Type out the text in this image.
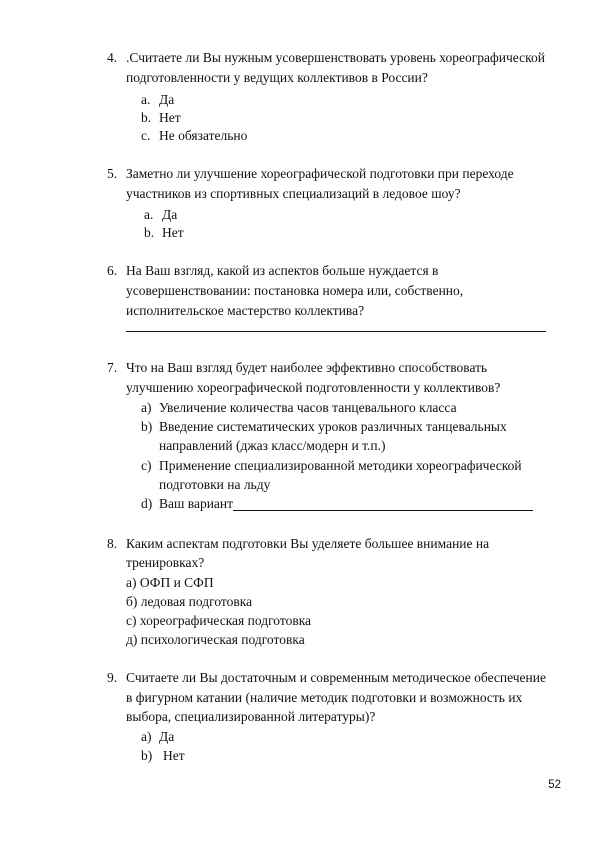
4. .Считаете ли Вы нужным усовершенствовать уровень хореографической
подготовленности у ведущих коллективов в России?
a. Да
b. Нет
c. Не обязательно
5. Заметно ли улучшение хореографической подготовки при переходе
участников из спортивных специализаций в ледовое шоу?
a. Да
b. Нет
6. На Ваш взгляд, какой из аспектов больше нуждается в
усовершенствовании: постановка номера или, собственно,
исполнительское мастерство коллектива?
7. Что на Ваш взгляд будет наиболее эффективно способствовать
улучшению хореографической подготовленности у коллективов?
a) Увеличение количества часов танцевального класса
b) Введение систематических уроков различных танцевальных
направлений (джаз класс/модерн и т.п.)
c) Применение специализированной методики хореографической
подготовки на льду
d) Ваш вариант
8. Каким аспектам подготовки Вы уделяете большее внимание на
тренировках?
а) ОФП и СФП
б) ледовая подготовка
с) хореографическая подготовка
д) психологическая подготовка
9. Считаете ли Вы достаточным и современным методическое обеспечение
в фигурном катании (наличие методик подготовки и возможность их
выбора, специализированной литературы)?
a) Да
b) Нет
52
